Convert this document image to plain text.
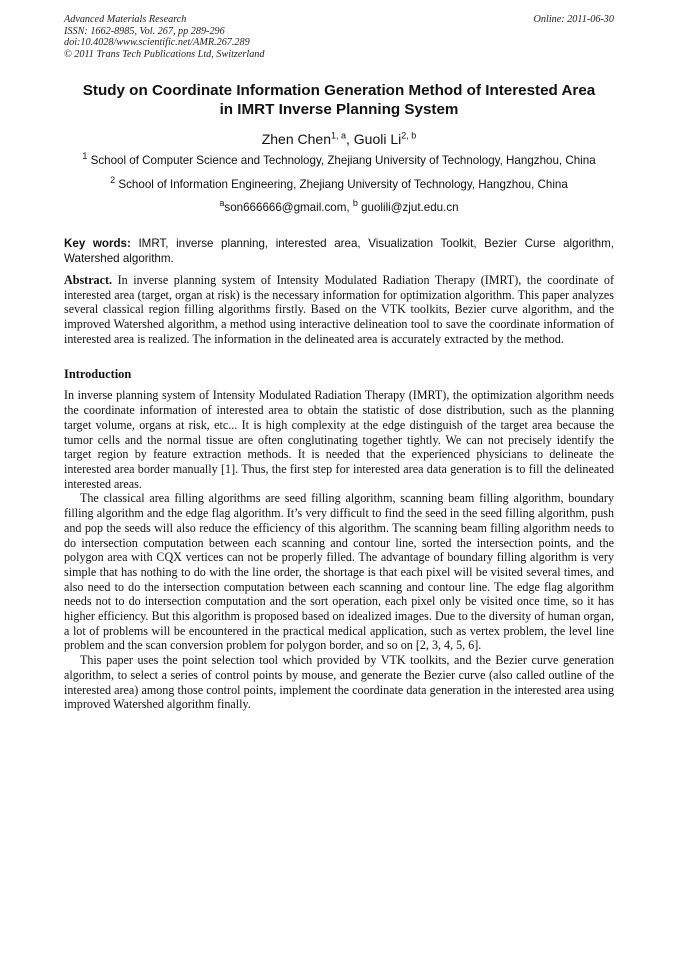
Advanced Materials Research
ISSN: 1662-8985, Vol. 267, pp 289-296
doi:10.4028/www.scientific.net/AMR.267.289
© 2011 Trans Tech Publications Ltd, Switzerland
Online: 2011-06-30
Study on Coordinate Information Generation Method of Interested Area
in IMRT Inverse Planning System
Zhen Chen$^{1, a}$, Guoli Li$^{2, b}$
$^1$ School of Computer Science and Technology, Zhejiang University of Technology, Hangzhou, China
$^2$ School of Information Engineering, Zhejiang University of Technology, Hangzhou, China
$^a$son666666@gmail.com, $^b$ guolili@zjut.edu.cn
Key words: IMRT, inverse planning, interested area, Visualization Toolkit, Bezier Curse algorithm, Watershed algorithm.
Abstract. In inverse planning system of Intensity Modulated Radiation Therapy (IMRT), the coordinate of interested area (target, organ at risk) is the necessary information for optimization algorithm. This paper analyzes several classical region filling algorithms firstly. Based on the VTK toolkits, Bezier curve algorithm, and the improved Watershed algorithm, a method using interactive delineation tool to save the coordinate information of interested area is realized. The information in the delineated area is accurately extracted by the method.
Introduction

In inverse planning system of Intensity Modulated Radiation Therapy (IMRT), the optimization algorithm needs the coordinate information of interested area to obtain the statistic of dose distribution, such as the planning target volume, organs at risk, etc... It is high complexity at the edge distinguish of the target area because the tumor cells and the normal tissue are often conglutinating together tightly. We can not precisely identify the target region by feature extraction methods. It is needed that the experienced physicians to delineate the interested area border manually [1]. Thus, the first step for interested area data generation is to fill the delineated interested areas.

The classical area filling algorithms are seed filling algorithm, scanning beam filling algorithm, boundary filling algorithm and the edge flag algorithm. It’s very difficult to find the seed in the seed filling algorithm, push and pop the seeds will also reduce the efficiency of this algorithm. The scanning beam filling algorithm needs to do intersection computation between each scanning and contour line, sorted the intersection points, and the polygon area with CQX vertices can not be properly filled. The advantage of boundary filling algorithm is very simple that has nothing to do with the line order, the shortage is that each pixel will be visited several times, and also need to do the intersection computation between each scanning and contour line. The edge flag algorithm needs not to do intersection computation and the sort operation, each pixel only be visited once time, so it has higher efficiency. But this algorithm is proposed based on idealized images. Due to the diversity of human organ, a lot of problems will be encountered in the practical medical application, such as vertex problem, the level line problem and the scan conversion problem for polygon border, and so on [2, 3, 4, 5, 6].

This paper uses the point selection tool which provided by VTK toolkits, and the Bezier curve generation algorithm, to select a series of control points by mouse, and generate the Bezier curve (also called outline of the interested area) among those control points, implement the coordinate data generation in the interested area using improved Watershed algorithm finally.
